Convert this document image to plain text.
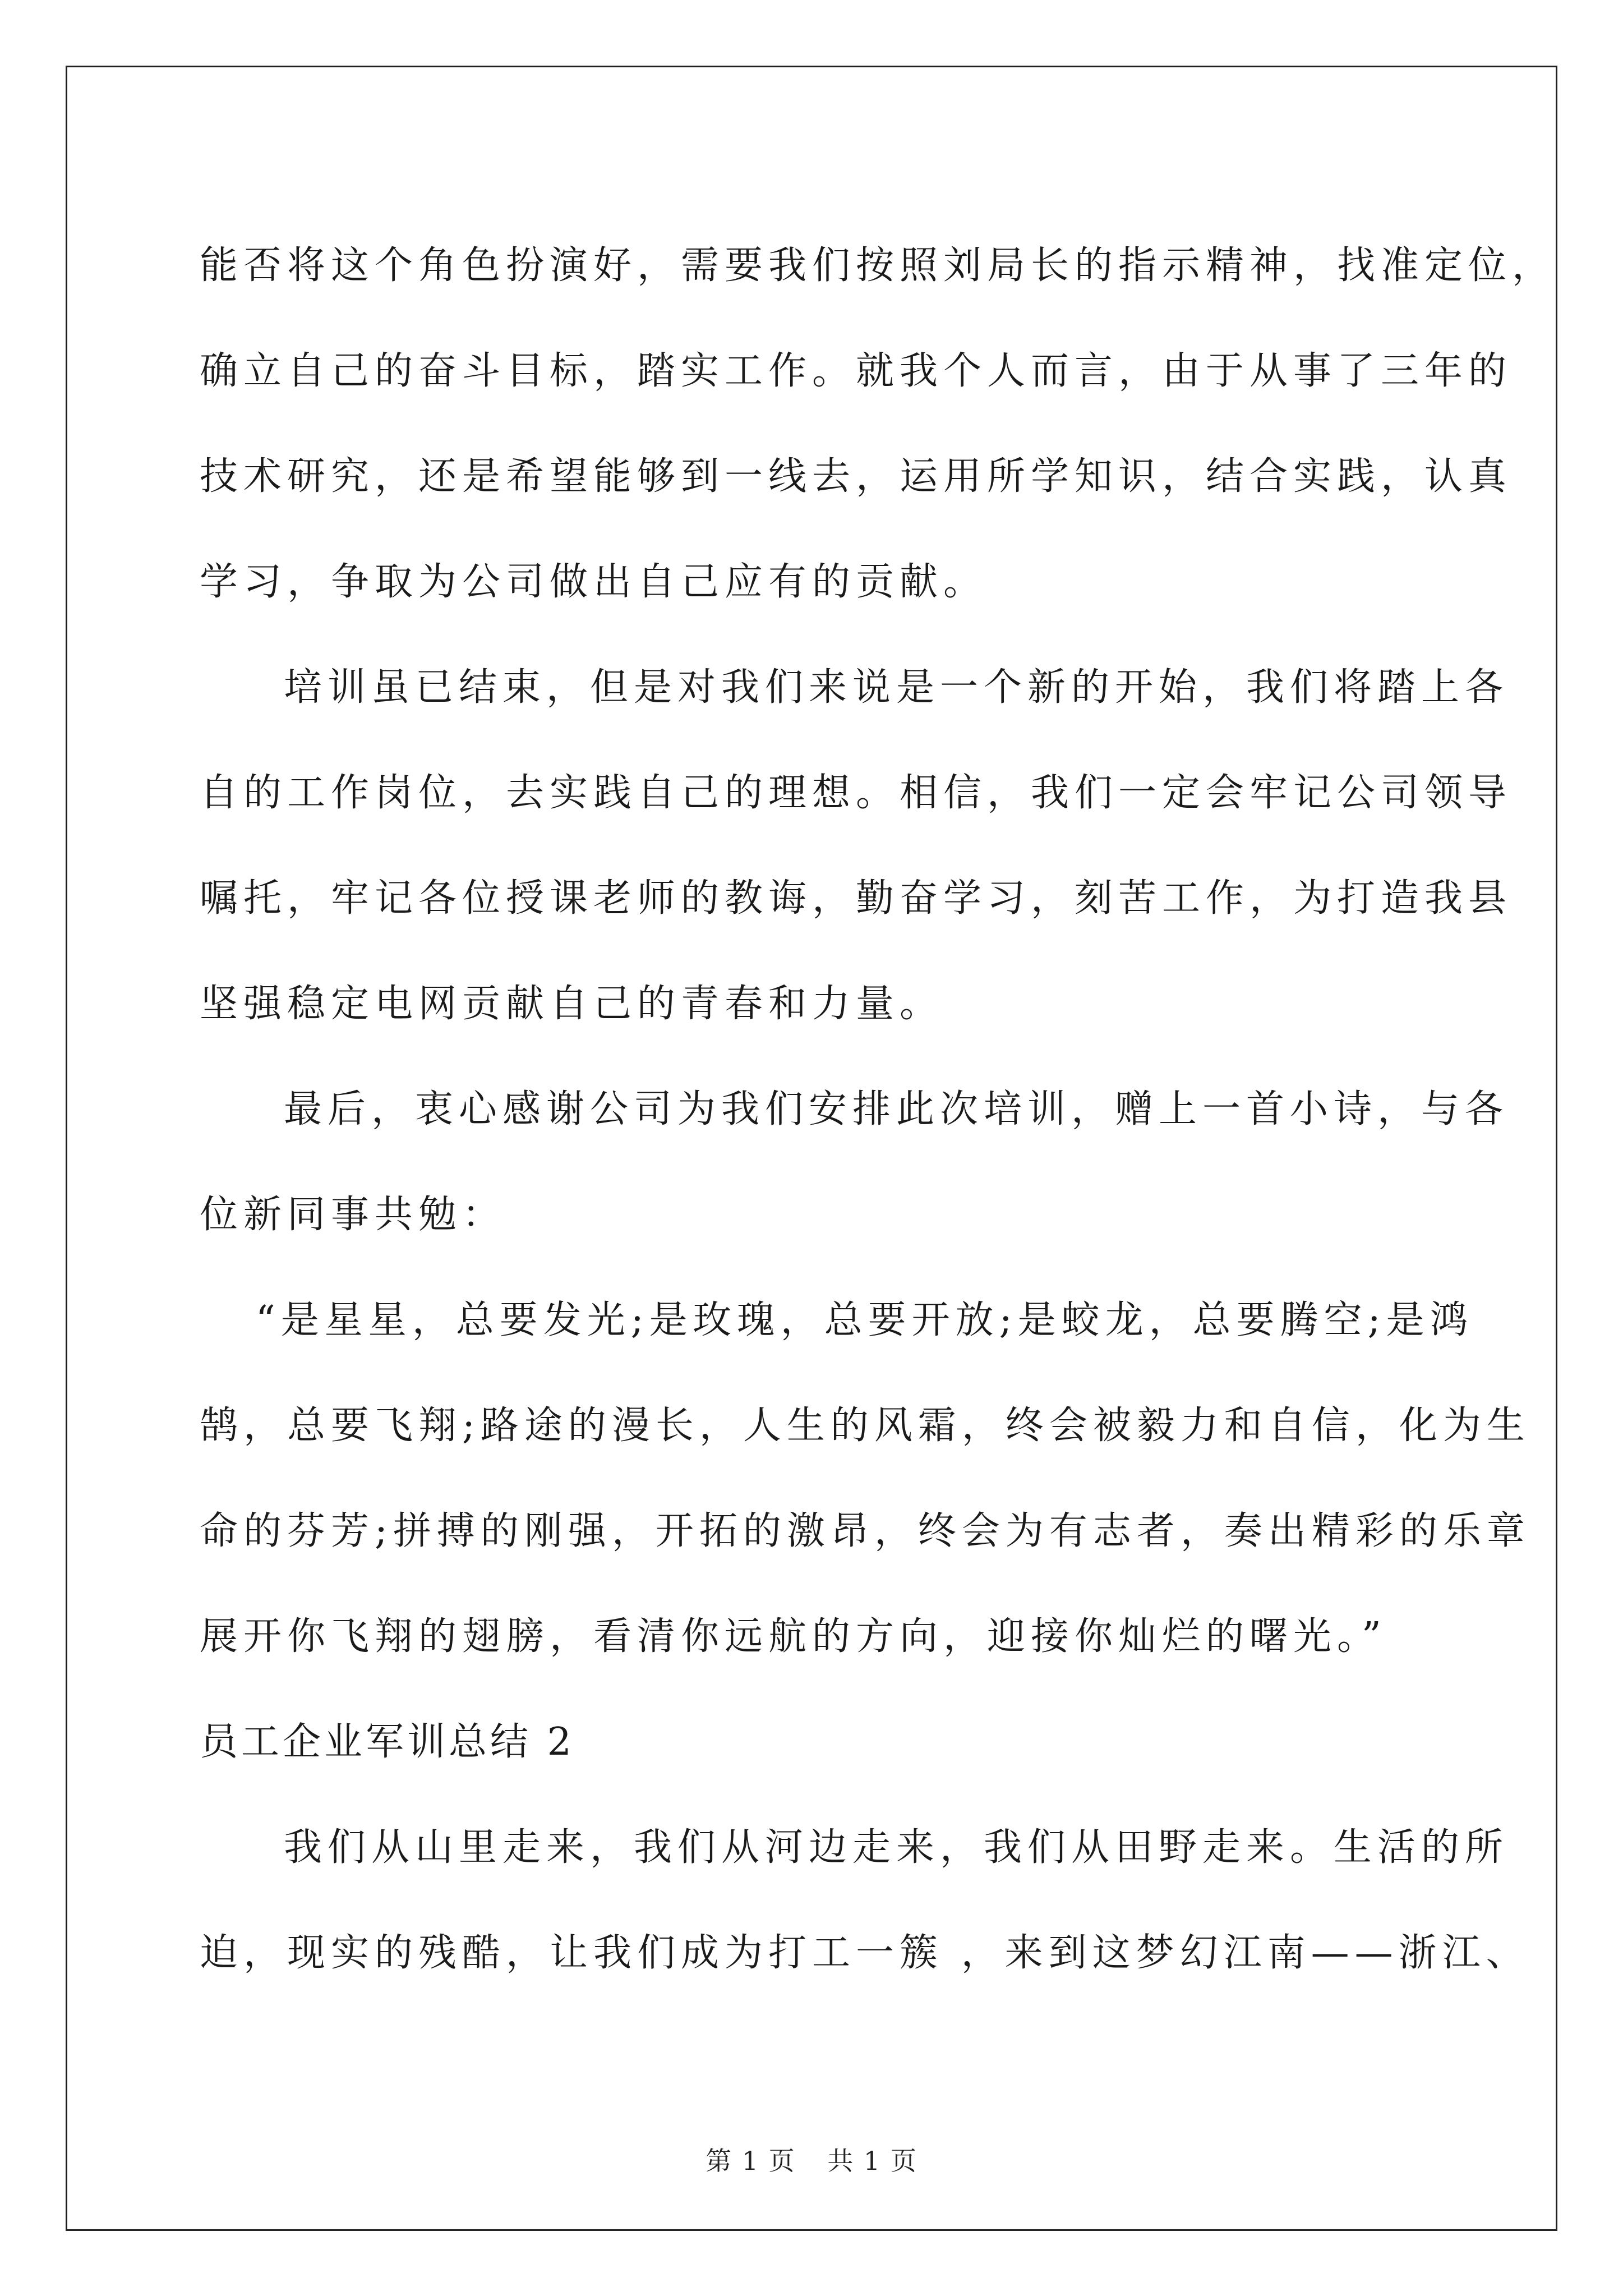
能否将这个角色扮演好，需要我们按照刘局长的指示精神，找准定位，
确立自己的奋斗目标，踏实工作。就我个人而言，由于从事了三年的
技术研究，还是希望能够到一线去，运用所学知识，结合实践，认真
学习，争取为公司做出自己应有的贡献。
培训虽已结束，但是对我们来说是一个新的开始，我们将踏上各
自的工作岗位，去实践自己的理想。相信，我们一定会牢记公司领导
嘱托，牢记各位授课老师的教诲，勤奋学习，刻苦工作，为打造我县
坚强稳定电网贡献自己的青春和力量。
最后，衷心感谢公司为我们安排此次培训，赠上一首小诗，与各
位新同事共勉：
“是星星，总要发光;是玫瑰，总要开放;是蛟龙，总要腾空;是鸿
鹄，总要飞翔;路途的漫长，人生的风霜，终会被毅力和自信，化为生
命的芬芳;拼搏的刚强，开拓的激昂，终会为有志者，奏出精彩的乐章
展开你飞翔的翅膀，看清你远航的方向，迎接你灿烂的曙光。”
员工企业军训总结 2
我们从山里走来，我们从河边走来，我们从田野走来。生活的所
迫，现实的残酷，让我们成为打工一簇 ，来到这梦幻江南——浙江、
第 1 页 共 1 页
